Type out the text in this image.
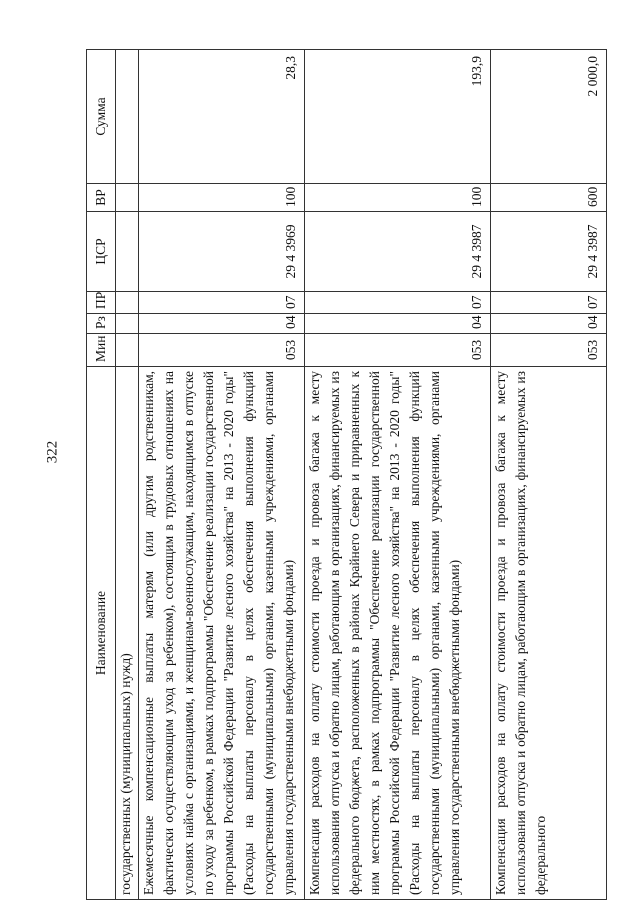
322
Наименование	Мин	Рз	ПР	ЦСР	ВР	Сумма
государственных (муниципальных) нужд)						
Ежемесячные компенсационные выплаты матерям (или другим родственникам, фактически осуществляющим уход за ребенком), состоящим в трудовых отношениях на условиях найма с организациями, и женщинам-военнослужащим, находящимся в отпуске по уходу за ребенком, в рамках подпрограммы "Обеспечение реализации государственной программы Российской Федерации "Развитие лесного хозяйства" на 2013 - 2020 годы" (Расходы на выплаты персоналу в целях обеспечения выполнения функций государственными (муниципальными) органами, казенными учреждениями, органами управления государственными внебюджетными фондами)	053	04	07	29 4 3969	100	28,3
Компенсация расходов на оплату стоимости проезда и провоза багажа к месту использования отпуска и обратно лицам, работающим в организациях, финансируемых из федерального бюджета, расположенных в районах Крайнего Севера и приравненных к ним местностях, в рамках подпрограммы "Обеспечение реализации государственной программы Российской Федерации "Развитие лесного хозяйства" на 2013 - 2020 годы" (Расходы на выплаты персоналу в целях обеспечения выполнения функций государственными (муниципальными) органами, казенными учреждениями, органами управления государственными внебюджетными фондами)	053	04	07	29 4 3987	100	193,9
Компенсация расходов на оплату стоимости проезда и провоза багажа к месту использования отпуска и обратно лицам, работающим в организациях, финансируемых из федерального	053	04	07	29 4 3987	600	2 000,0
